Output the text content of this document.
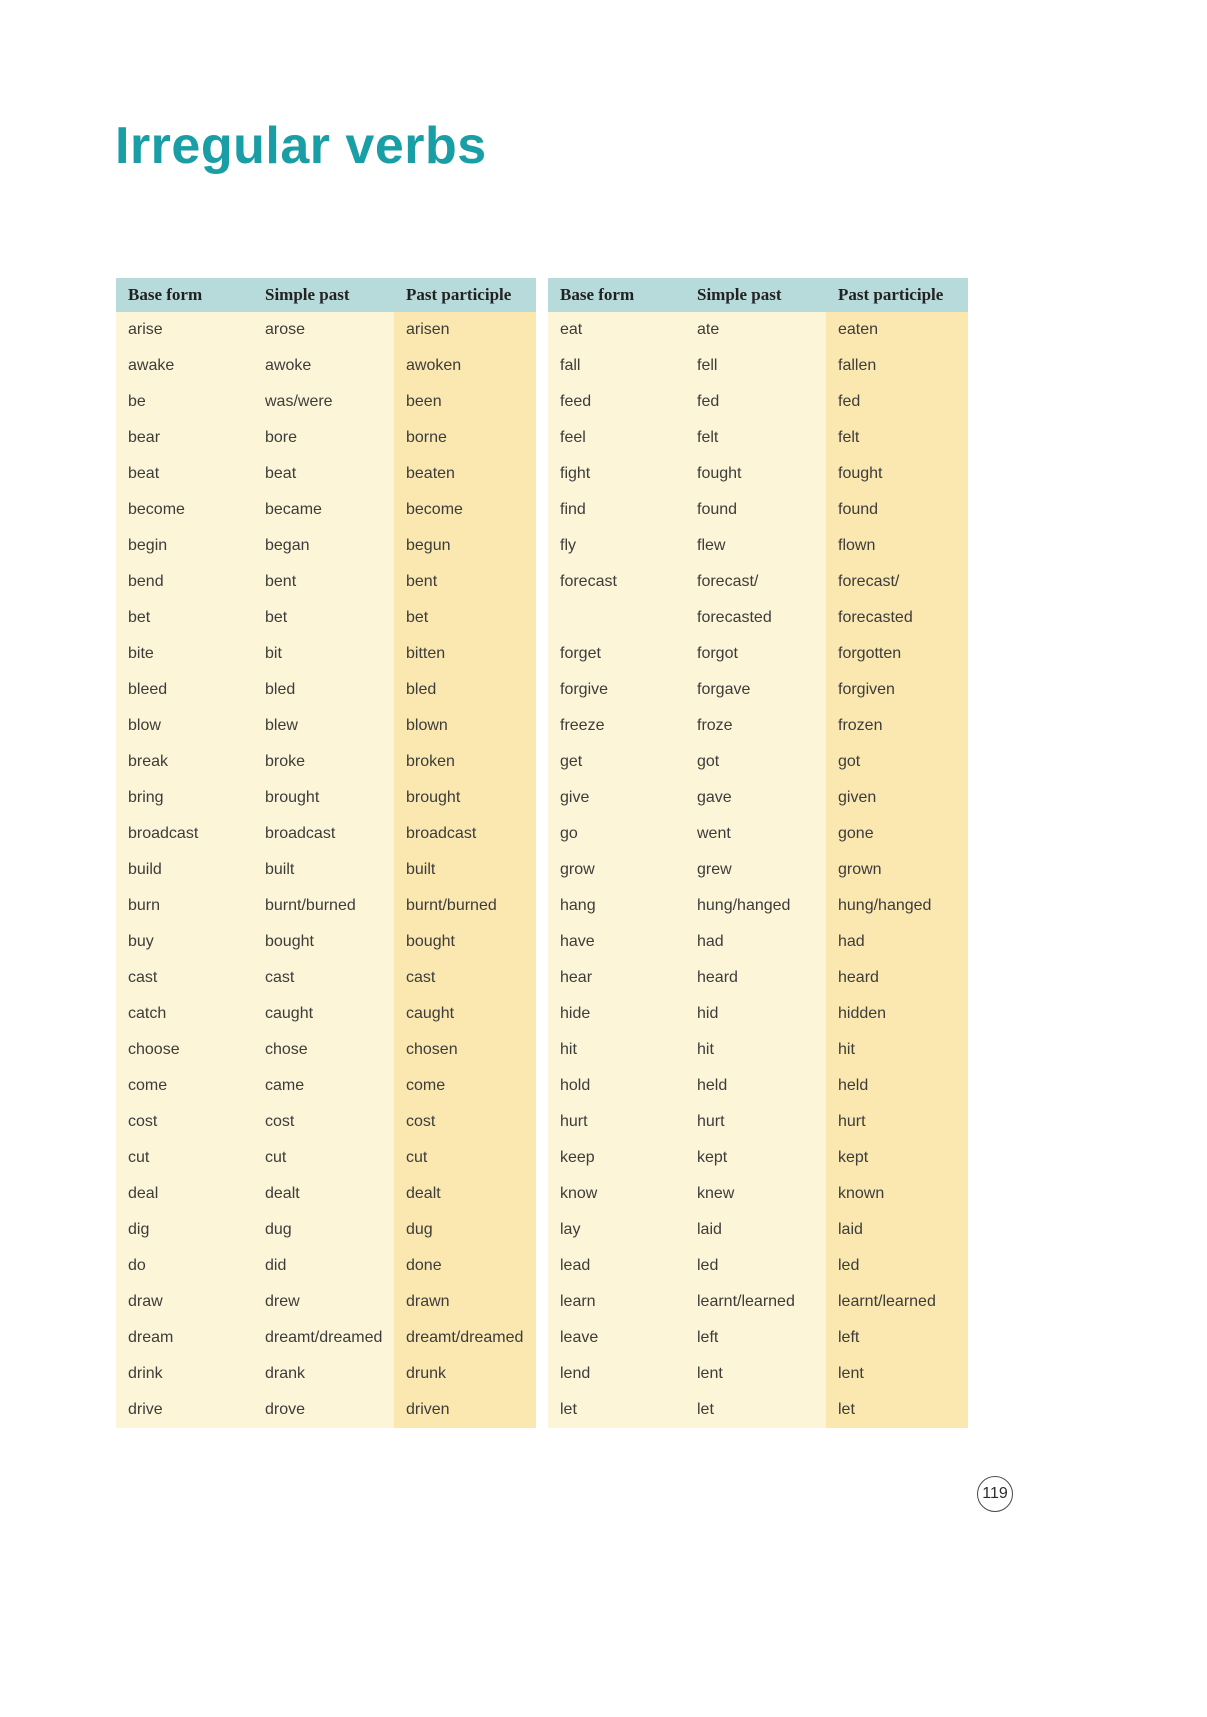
Irregular verbs
Base form	Simple past	Past participle
arise	arose	arisen
awake	awoke	awoken
be	was/were	been
bear	bore	borne
beat	beat	beaten
become	became	become
begin	began	begun
bend	bent	bent
bet	bet	bet
bite	bit	bitten
bleed	bled	bled
blow	blew	blown
break	broke	broken
bring	brought	brought
broadcast	broadcast	broadcast
build	built	built
burn	burnt/burned	burnt/burned
buy	bought	bought
cast	cast	cast
catch	caught	caught
choose	chose	chosen
come	came	come
cost	cost	cost
cut	cut	cut
deal	dealt	dealt
dig	dug	dug
do	did	done
draw	drew	drawn
dream	dreamt/dreamed	dreamt/dreamed
drink	drank	drunk
drive	drove	driven
Base form	Simple past	Past participle
eat	ate	eaten
fall	fell	fallen
feed	fed	fed
feel	felt	felt
fight	fought	fought
find	found	found
fly	flew	flown
forecast	forecast/	forecast/
	forecasted	forecasted
forget	forgot	forgotten
forgive	forgave	forgiven
freeze	froze	frozen
get	got	got
give	gave	given
go	went	gone
grow	grew	grown
hang	hung/hanged	hung/hanged
have	had	had
hear	heard	heard
hide	hid	hidden
hit	hit	hit
hold	held	held
hurt	hurt	hurt
keep	kept	kept
know	knew	known
lay	laid	laid
lead	led	led
learn	learnt/learned	learnt/learned
leave	left	left
lend	lent	lent
let	let	let
119
